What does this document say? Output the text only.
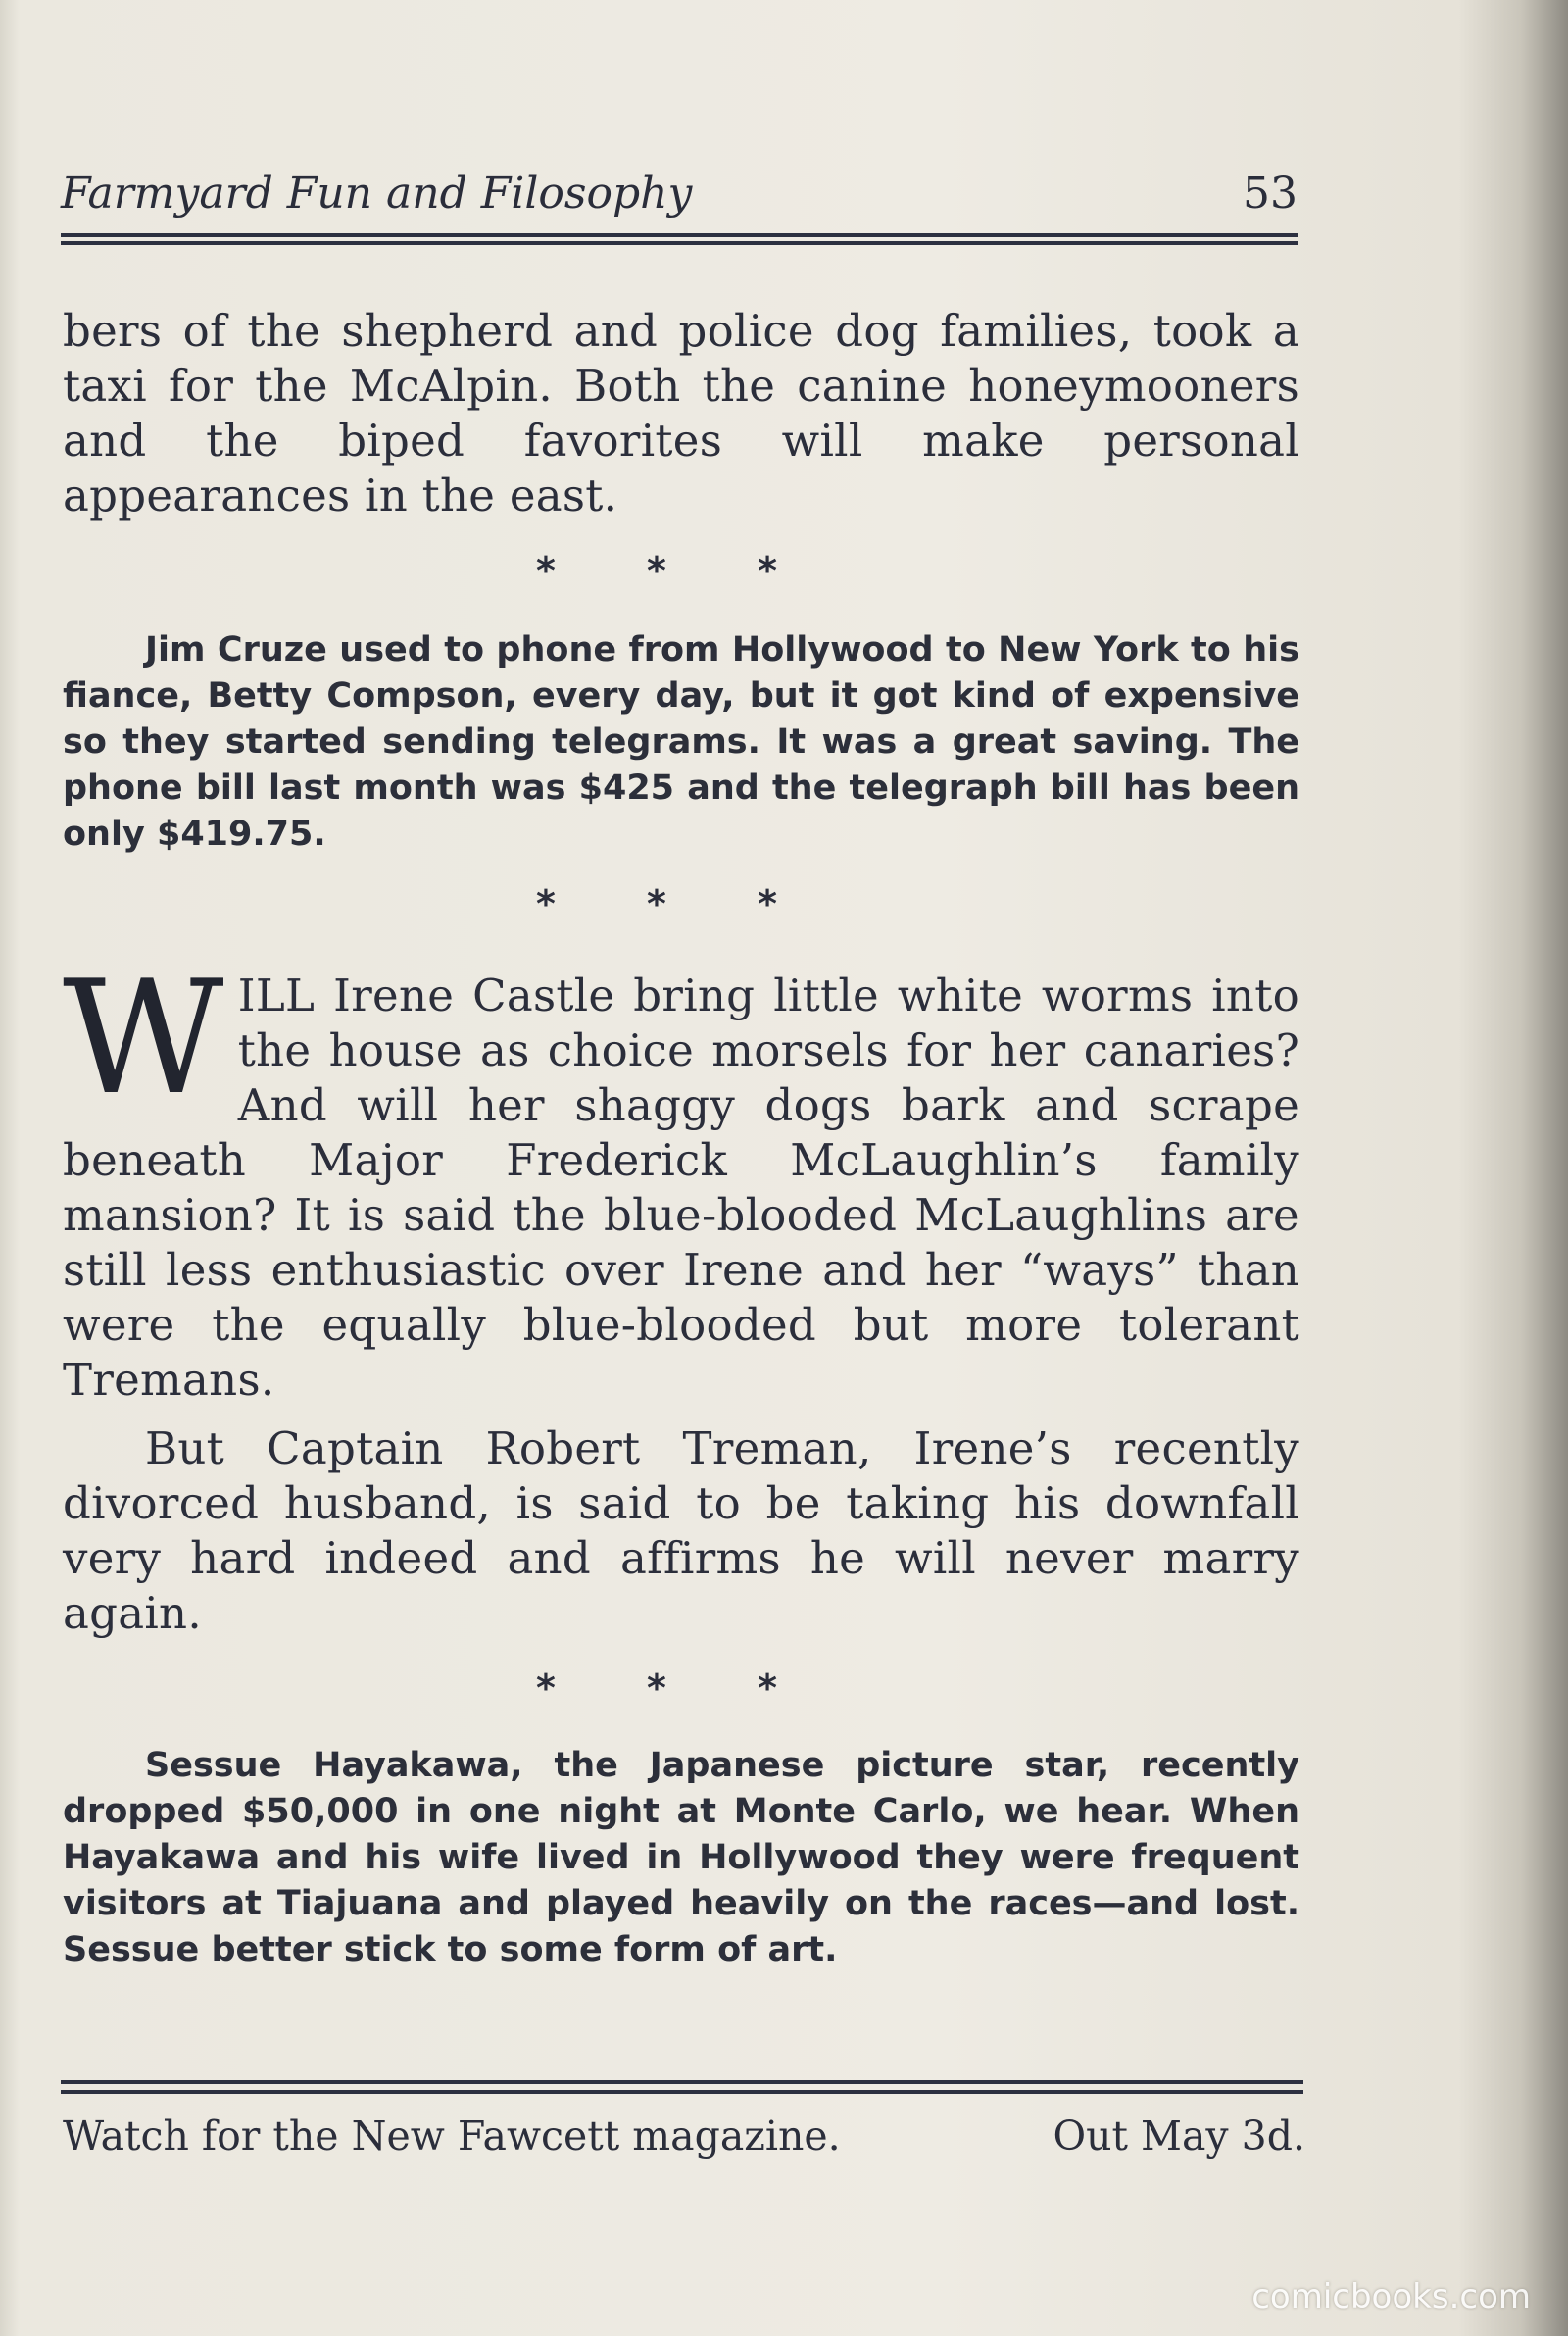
Farmyard Fun and Filosophy	53

bers of the shepherd and police dog families, took a taxi for the McAlpin. Both the canine honeymooners and the biped favorites will make personal appearances in the east.

* * *

Jim Cruze used to phone from Hollywood to New York to his fiance, Betty Compson, every day, but it got kind of expensive so they started sending telegrams. It was a great saving. The phone bill last month was $425 and the telegraph bill has been only $419.75.

* * *
WILL Irene Castle bring little white worms into the house as choice morsels for her canaries? And will her shaggy dogs bark and scrape beneath Major Frederick McLaughlin’s family mansion? It is said the blue-blooded McLaughlins are still less enthusiastic over Irene and her “ways” than were the equally blue-blooded but more tolerant Tremans.

But Captain Robert Treman, Irene’s recently divorced husband, is said to be taking his downfall very hard indeed and affirms he will never marry again.

* * *

Sessue Hayakawa, the Japanese picture star, recently dropped $50,000 in one night at Monte Carlo, we hear. When Hayakawa and his wife lived in Hollywood they were frequent visitors at Tiajuana and played heavily on the races—and lost. Sessue better stick to some form of art.

Watch for the New Fawcett magazine.	Out May 3d.
comicbooks.com
